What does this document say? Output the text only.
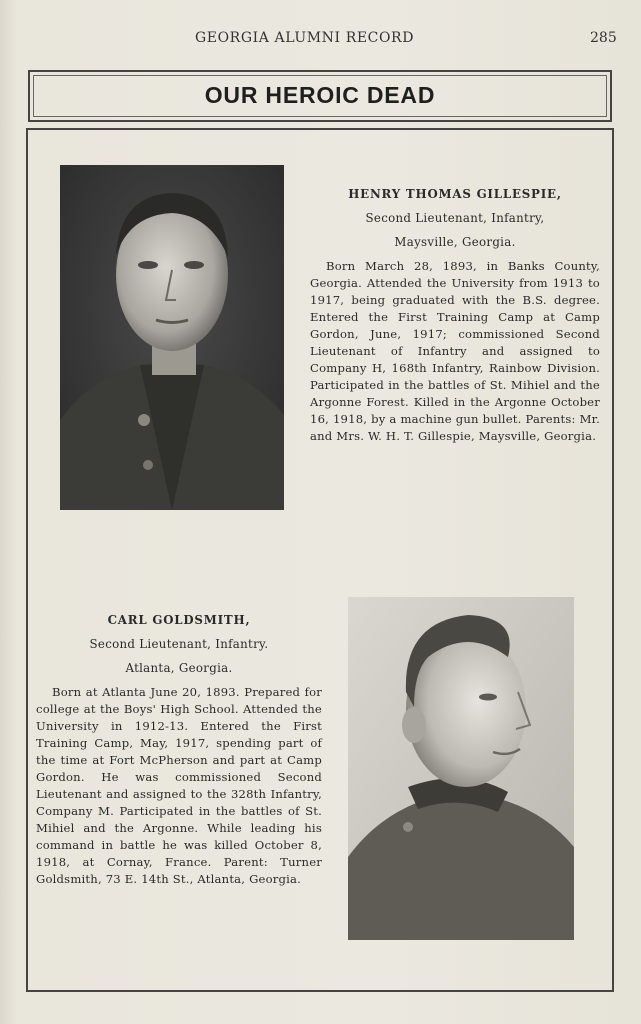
GEORGIA ALUMNI RECORD	285
OUR HEROIC DEAD
HENRY THOMAS GILLESPIE,
Second Lieutenant, Infantry,
Maysville, Georgia.
Born March 28, 1893, in Banks County, Georgia. Attended the University from 1913 to 1917, being graduated with the B.S. degree. Entered the First Training Camp at Camp Gordon, June, 1917; commissioned Second Lieutenant of Infantry and assigned to Company H, 168th Infantry, Rainbow Division. Participated in the battles of St. Mihiel and the Argonne Forest. Killed in the Argonne October 16, 1918, by a machine gun bullet. Parents: Mr. and Mrs. W. H. T. Gillespie, Maysville, Georgia.
CARL GOLDSMITH,
Second Lieutenant, Infantry.
Atlanta, Georgia.
Born at Atlanta June 20, 1893. Prepared for college at the Boys' High School. Attended the University in 1912-13. Entered the First Training Camp, May, 1917, spending part of the time at Fort McPherson and part at Camp Gordon. He was commissioned Second Lieutenant and assigned to the 328th Infantry, Company M. Participated in the battles of St. Mihiel and the Argonne. While leading his command in battle he was killed October 8, 1918, at Cornay, France. Parent: Turner Goldsmith, 73 E. 14th St., Atlanta, Georgia.
